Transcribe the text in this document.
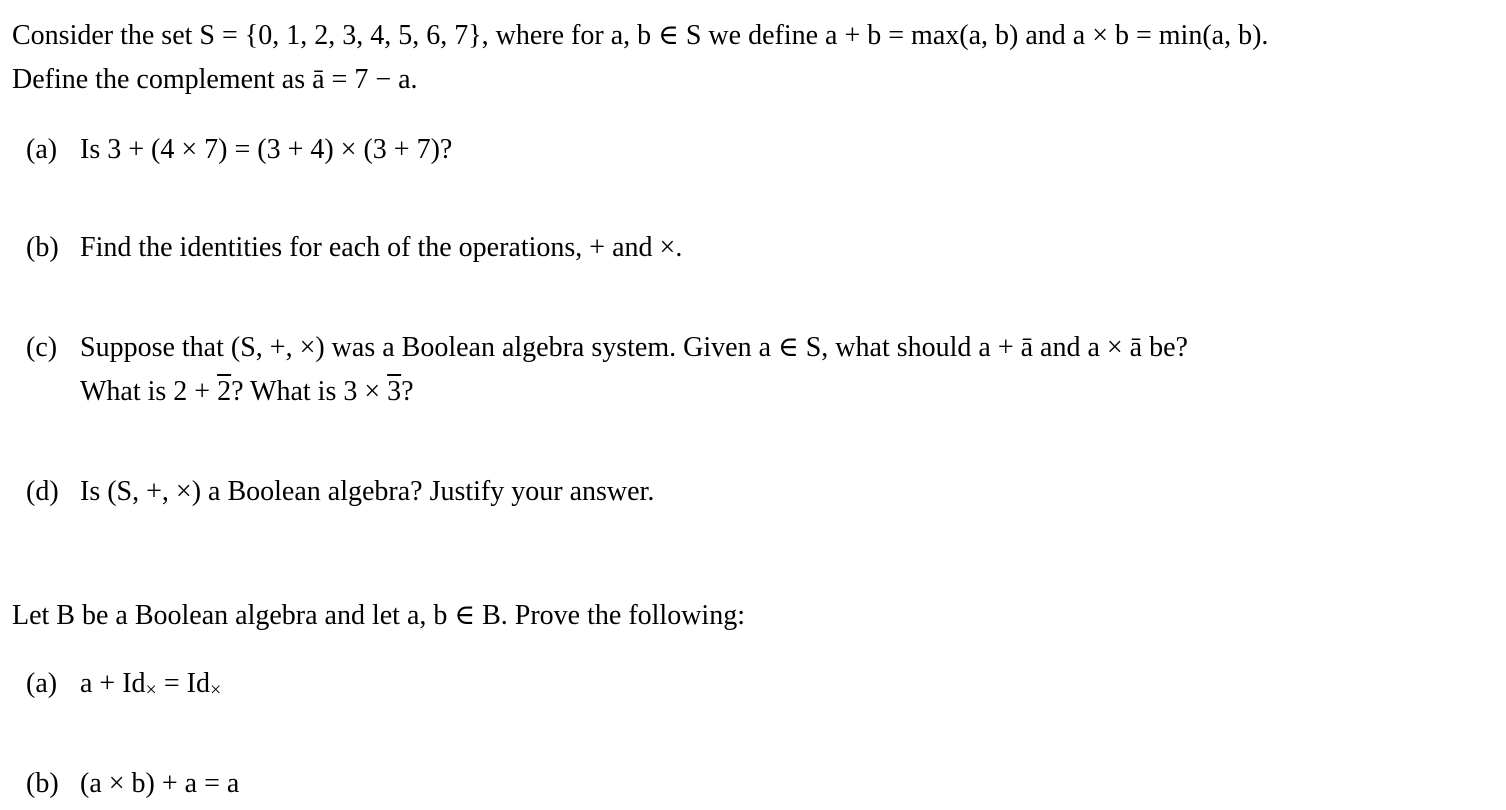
Consider the set S = {0, 1, 2, 3, 4, 5, 6, 7}, where for a, b ∈ S we define a + b = max(a, b) and a × b = min(a, b).
Define the complement as ā = 7 − a.
(a) Is 3 + (4 × 7) = (3 + 4) × (3 + 7)?
(b) Find the identities for each of the operations, + and ×.
(c) Suppose that (S, +, ×) was a Boolean algebra system. Given a ∈ S, what should a + ā and a × ā be?
What is 2 + 2? What is 3 × 3?
(d) Is (S, +, ×) a Boolean algebra? Justify your answer.
Let B be a Boolean algebra and let a, b ∈ B. Prove the following:
(a) $a + Id_\times = Id_\times$
(b) (a × b) + a = a
